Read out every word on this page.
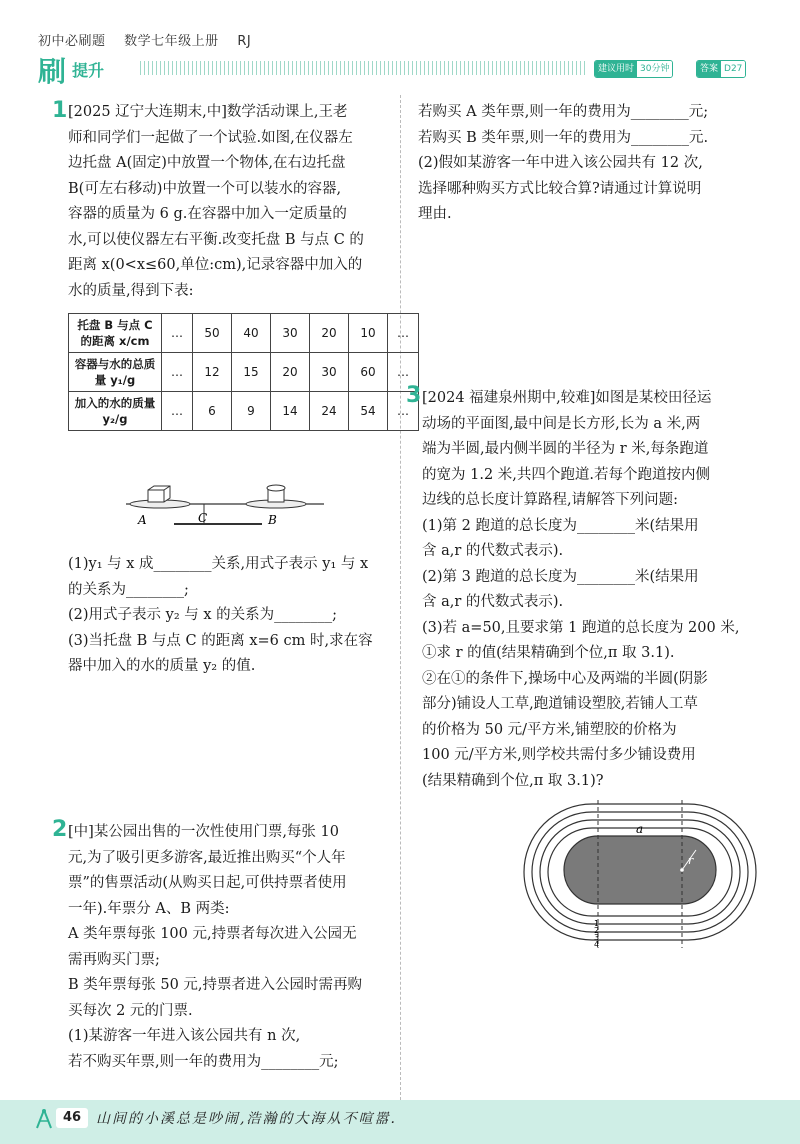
初中必刷题 数学七年级上册 RJ
刷 提升	建议用时 30分钟	答案 D27
1 [2025 辽宁大连期末,中]数学活动课上,王老

师和同学们一起做了一个试验.如图,在仪器左

边托盘 A(固定)中放置一个物体,在右边托盘

B(可左右移动)中放置一个可以装水的容器,

容器的质量为 6 g.在容器中加入一定质量的

水,可以使仪器左右平衡.改变托盘 B 与点 C 的

距离 x(0<x≤60,单位:cm),记录容器中加入的

水的质量,得到下表:

托盘 B 与点 C 的距离 x/cm	…	50	40	30	20	10	…
容器与水的总质量 y₁/g	…	12	15	20	30	60	…
加入的水的质量 y₂/g	…	6	9	14	24	54	…
A	C	B

(1)y₁ 与 x 成________关系,用式子表示 y₁ 与 x

的关系为________;

(2)用式子表示 y₂ 与 x 的关系为________;

(3)当托盘 B 与点 C 的距离 x=6 cm 时,求在容

器中加入的水的质量 y₂ 的值.

2 [中]某公园出售的一次性使用门票,每张 10

元,为了吸引更多游客,最近推出购买“个人年

票”的售票活动(从购买日起,可供持票者使用

一年).年票分 A、B 两类:

A 类年票每张 100 元,持票者每次进入公园无

需再购买门票;

B 类年票每张 50 元,持票者进入公园时需再购

买每次 2 元的门票.

(1)某游客一年进入该公园共有 n 次,

若不购买年票,则一年的费用为________元;

若购买 A 类年票,则一年的费用为________元;

若购买 B 类年票,则一年的费用为________元.

(2)假如某游客一年中进入该公园共有 12 次,

选择哪种购买方式比较合算?请通过计算说明

理由.

3 [2024 福建泉州期中,较难]如图是某校田径运

动场的平面图,最中间是长方形,长为 a 米,两

端为半圆,最内侧半圆的半径为 r 米,每条跑道

的宽为 1.2 米,共四个跑道.若每个跑道按内侧

边线的总长度计算路程,请解答下列问题:

(1)第 2 跑道的总长度为________米(结果用

含 a,r 的代数式表示).

(2)第 3 跑道的总长度为________米(结果用

含 a,r 的代数式表示).

(3)若 a=50,且要求第 1 跑道的总长度为 200 米,

①求 r 的值(结果精确到个位,π 取 3.1).

②在①的条件下,操场中心及两端的半圆(阴影

部分)铺设人工草,跑道铺设塑胶,若铺人工草

的价格为 50 元/平方米,铺塑胶的价格为

100 元/平方米,则学校共需付多少铺设费用

(结果精确到个位,π 取 3.1)?

a
r
1
2
3
4
46	山间的小溪总是吵闹,浩瀚的大海从不喧嚣.
